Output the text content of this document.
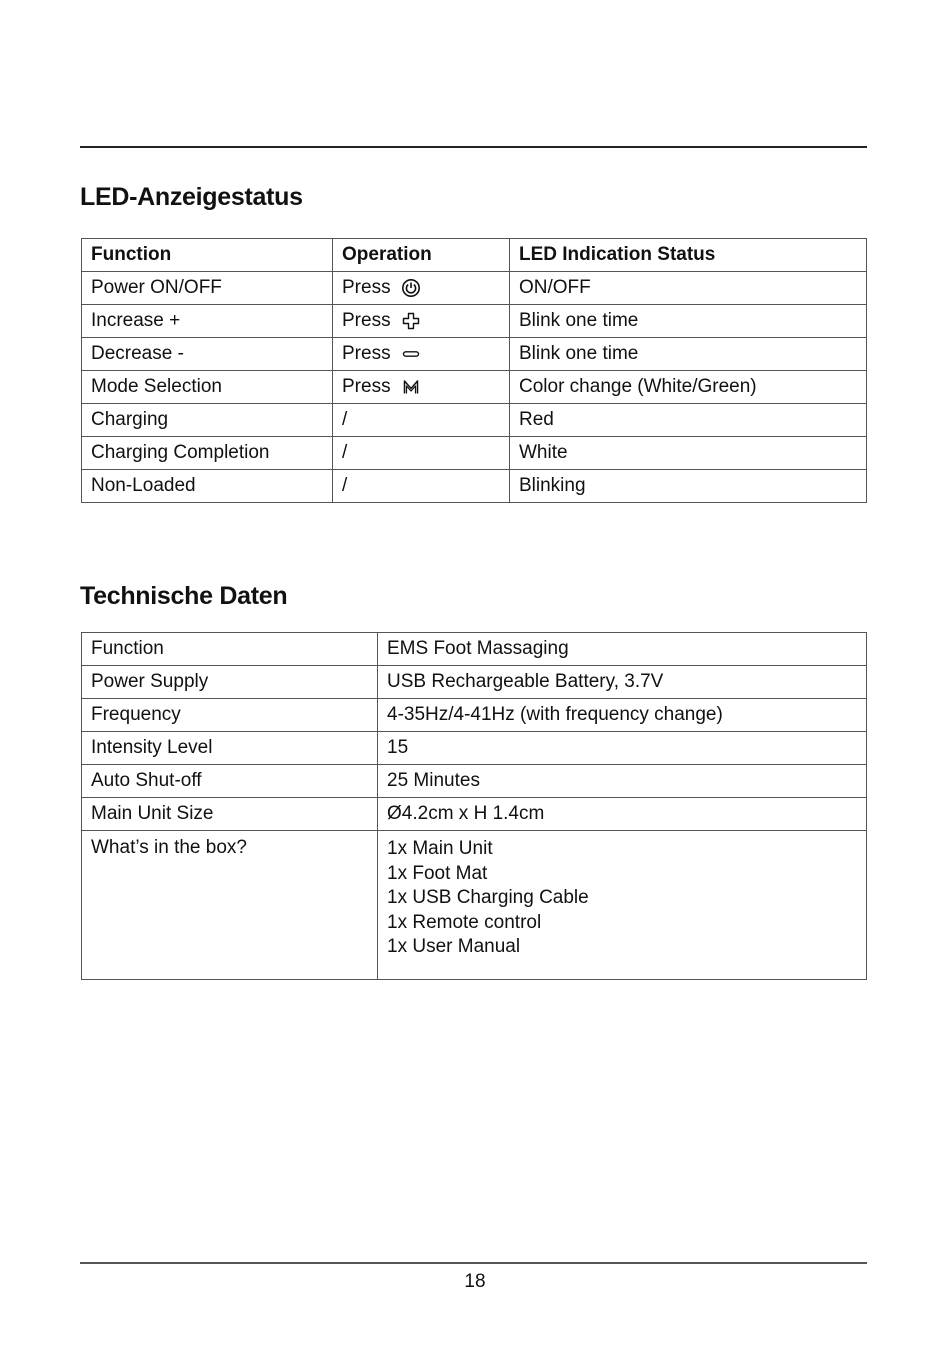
LED-Anzeigestatus
Function	Operation	LED Indication Status
Power ON/OFF	Press	ON/OFF
Increase +	Press	Blink one time
Decrease -	Press	Blink one time
Mode Selection	Press	Color change (White/Green)
Charging	/	Red
Charging Completion	/	White
Non-Loaded	/	Blinking
Technische Daten
Function	EMS Foot Massaging
Power Supply	USB Rechargeable Battery, 3.7V
Frequency	4-35Hz/4-41Hz (with frequency change)
Intensity Level	15
Auto Shut-off	25 Minutes
Main Unit Size	Ø4.2cm x H 1.4cm
What’s in the box?	1x Main Unit
1x Foot Mat
1x USB Charging Cable
1x Remote control
1x User Manual
18
